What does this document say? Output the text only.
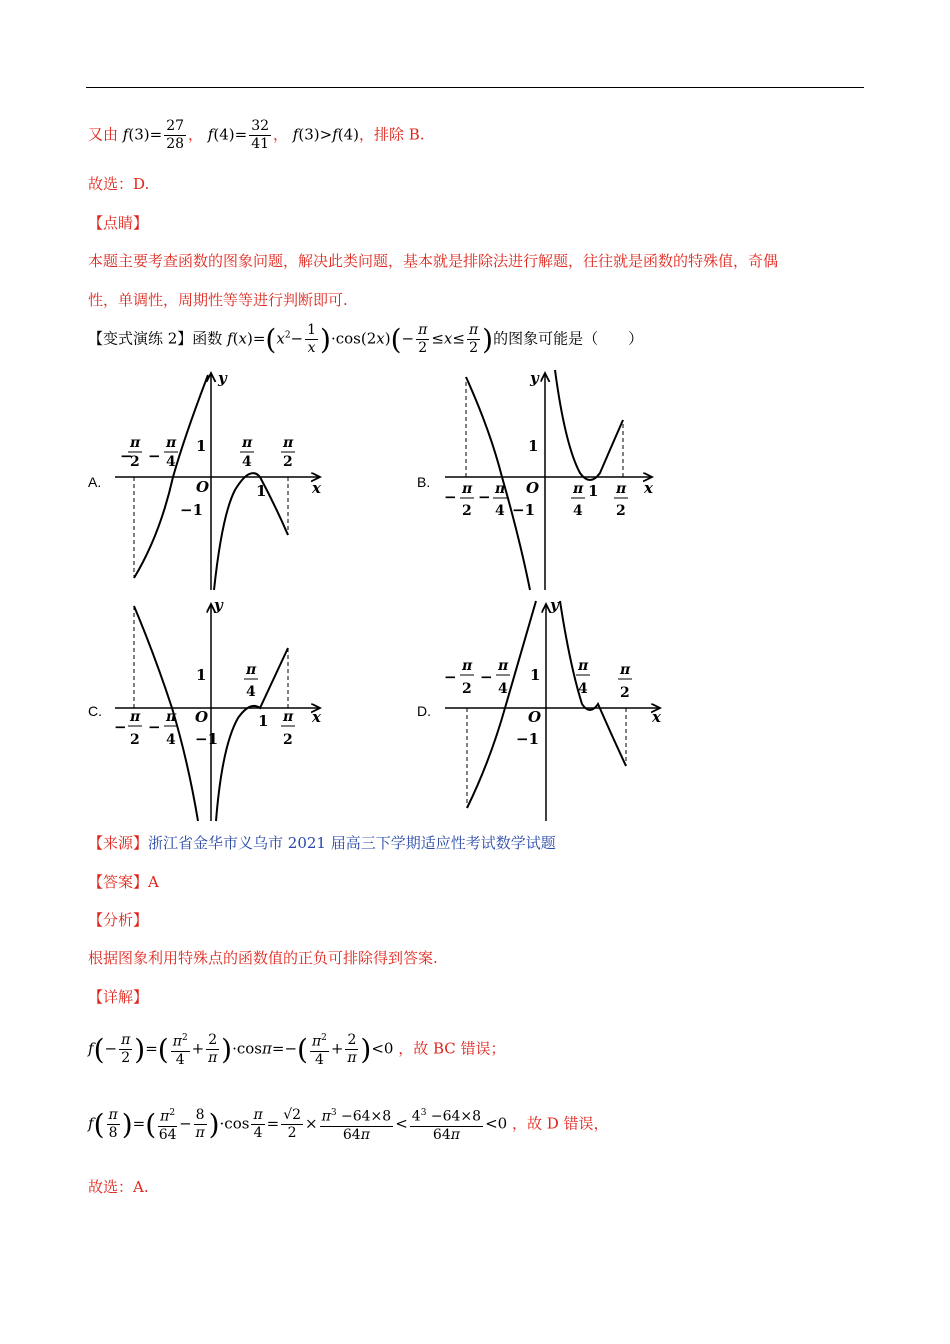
又由 $f(3)= \frac{27}{28}$ ， $f(4)= \frac{32}{41}$ ， f(3)>f(4)，排除 B.
故选：D.
【点睛】
本题主要考查函数的图象问题，解决此类问题，基本就是排除法进行解题，往往就是函数的特殊值，奇偶
性，单调性，周期性等等进行判断即可.
【变式演练 2】函数 $f(x)=(x^2- \frac{1}{x} )\cdot\cos(2x)(- \frac{\pi}{2} \le x\le \frac{\pi}{2}$ )的图象可能是（　　）
A.	B.
C.	D.
y
x
O
1
−1
1
−
π
2 −
π
4
π
4
π
2
y
x
O
1
−1
1
− π
2
− π
4
π
4
π
2
y
x
O
1
−1
1
−
π
2
−
π
4
π
4
π
2
y
x
O
1
−1
−
π
2
−
π
4
π
4
π
2
【来源】浙江省金华市义乌市 2021 届高三下学期适应性考试数学试题
【答案】A
【分析】
根据图象利用特殊点的函数值的正负可排除得到答案.
【详解】
$f(- \frac{\pi}{2}$ )=( $\frac{\pi^2}{4} + \frac{2}{\pi} )\cdot\cos\pi=-( \frac{\pi^2}{4} + \frac{2}{\pi} )<0$ ，故 BC 错误；
$f( \frac{\pi}{8}$ )=( $\frac{\pi^2}{64} - \frac{8}{\pi} )\cdot\cos \frac{\pi}{4} = \frac{√2}{2} \times \frac{\pi^3 -64\times 8}{64\pi} < \frac{4^3 -64\times 8}{64\pi} <0$ ，故 D 错误，
故选：A.
